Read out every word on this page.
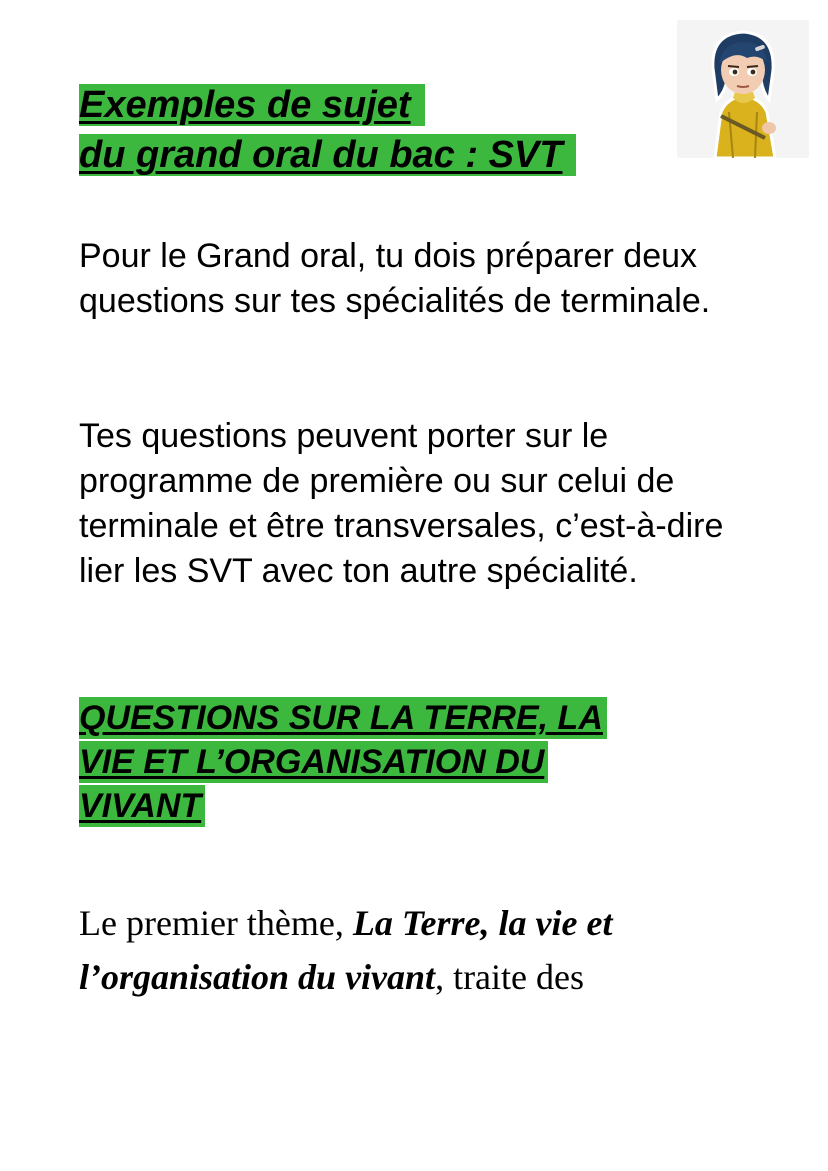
Exemples de sujet
du grand oral du bac : SVT

Pour le Grand oral, tu dois préparer deux questions sur tes spécialités de terminale.

Tes questions peuvent porter sur le programme de première ou sur celui de terminale et être transversales, c’est-à-dire lier les SVT avec ton autre spécialité.

QUESTIONS SUR LA TERRE, LA
VIE ET L’ORGANISATION DU
VIVANT

Le premier thème, La Terre, la vie et l’organisation du vivant, traite des
